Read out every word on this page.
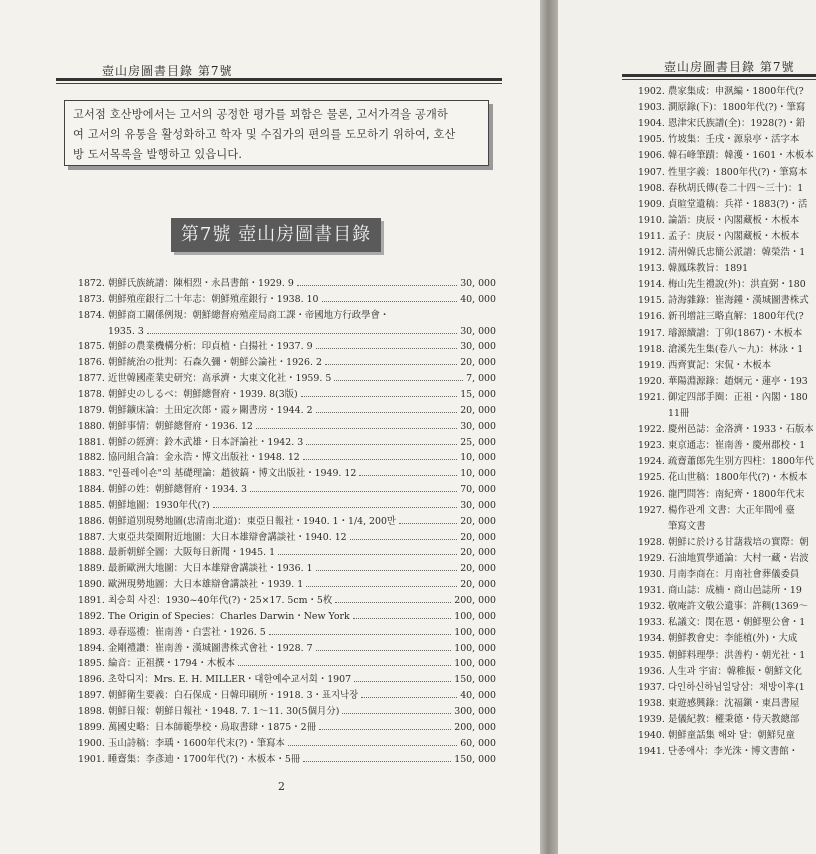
壺山房圖書目錄 第7號
고서점 호산방에서는 고서의 공정한 평가를 꾀함은 물론, 고서가격을 공개하
여 고서의 유통을 활성화하고 학자 및 수집가의 편의를 도모하기 위하여, 호산
방 도서목록을 발행하고 있읍니다.
第7號 壺山房圖書目錄
1872. 朝鮮氏族統譜：陳相烈・永昌書館・1929. 9	30, 000
1873. 朝鮮殖産銀行二十年志：朝鮮殖産銀行・1938. 10	40, 000
1874. 朝鮮商工關係例規：朝鮮總督府殖産局商工課・帝國地方行政學會・
1935. 3	30, 000
1875. 朝鮮の農業機構分析：印貞植・白揚社・1937. 9	30, 000
1876. 朝鮮統治の批判：石森久彌・朝鮮公論社・1926. 2	20, 000
1877. 近世韓國產業史研究：高承濟・大東文化社・1959. 5	7, 000
1878. 朝鮮史のしるべ：朝鮮總督府・1939. 8(3版)	15, 000
1879. 朝鮮鑛床論：土田定次郎・霞ヶ關書房・1944. 2	20, 000
1880. 朝鮮事情：朝鮮總督府・1936. 12	30, 000
1881. 朝鮮の經濟：鈴木武雄・日本評論社・1942. 3	25, 000
1882. 協同組合論：金永浩・博文出版社・1948. 12	10, 000
1883. "인플레이숀"의 基礎理論：趙彼鎬・博文出版社・1949. 12	10, 000
1884. 朝鮮の姓：朝鮮總督府・1934. 3	70, 000
1885. 朝鮮地圖：1930年代(?)	30, 000
1886. 朝鮮道別現勢地圖(忠清南北道)：東亞日報社・1940. 1・1/4, 200만	20, 000
1887. 大東亞共榮圈附近地圖：大日本雄辯會講談社・1940. 12	20, 000
1888. 最新朝鮮全圖：大阪每日新聞・1945. 1	20, 000
1889. 最新歐洲大地圖：大日本雄辯會講談社・1936. 1	20, 000
1890. 歐洲現勢地圖：大日本雄辯會講談社・1939. 1	20, 000
1891. 최승희 사진：1930~40年代(?)・25×17. 5cm・5枚	200, 000
1892. The Origin of Species：Charles Darwin・New York	100, 000
1893. 尋春巡禮：崔南善・白雲社・1926. 5	100, 000
1894. 金剛禮讚：崔南善・漢城圖書株式會社・1928. 7	100, 000
1895. 綸音：正祖撰・1794・木板本	100, 000
1896. 초학디지：Mrs. E. H. MILLER・대한예수교서회・1907	150, 000
1897. 朝鮮衛生要義：白石保成・日韓印刷所・1918. 3・표지낙장	40, 000
1898. 朝鮮日報：朝鮮日報社・1948. 7. 1～11. 30(5個月分)	300, 000
1899. 萬國史略：日本師範學校・鳥取書肆・1875・2冊	200, 000
1900. 玉山詩稿：李瑀・1600年代末(?)・筆寫本	60, 000
1901. 睡齋集：李彥迪・1700年代(?)・木板本・5冊	150, 000
2
壺山房圖書目錄 第7號
1902. 農家集成：申洬編・1800年代(?
1903. 澗原錄(下)：1800年代(?)・筆寫
1904. 恩津宋氏族譜(全)：1928(?)・鉛
1905. 竹坡集：壬戌・源泉亭・活字本
1906. 韓石峰筆蹟：韓濩・1601・木板本
1907. 性里字義：1800年代(?)・筆寫本
1908. 春秋胡氏傳(卷二十四～三十)：1
1909. 貞暄堂遺稿：兵祥・1883(?)・活
1910. 論語：庚辰・內閣藏板・木板本
1911. 孟子：庚辰・內閣藏板・木板本
1912. 淸州韓氏忠簡公派譜：韓榮浩・1
1913. 韓鳳珠教旨：1891
1914. 梅山先生禮說(外)：洪直弼・180
1915. 詩海雜錄：崔海鍾・漢城圖書株式
1916. 新刊增註三略直解：1800年代(?
1917. 璿源續譜：丁卯(1867)・木板本
1918. 滄溪先生集(卷八～九)：林泳・1
1919. 西齊實記：宋侃・木板本
1920. 華陽淵源錄：趙炯元・蓮亭・193
1921. 御定四部手圈：正祖・內閣・180
11冊
1922. 慶州邑誌：金洛濟・1933・石版本
1923. 東京通志：崔南善・慶州郡校・1
1924. 疏齋蕭郎先生別方四柱：1800年代
1925. 花山世稿：1800年代(?)・木板本
1926. 龍門問答：南紀齊・1800年代末
1927. 楊作관계 文書：大正年間에 臺
筆寫文書
1928. 朝鮮に於ける甘藷栽培の實際：朝
1929. 石油地質學通論：大村一藏・岩波
1930. 月南李商在：月南社會葬儀委員
1931. 商山誌：成楠・商山邑誌所・19
1932. 敬庵許文敬公遺事：許稠(1369～
1933. 私議文：閔在恩・朝鮮聖公會・1
1934. 朝鮮教會史：李能植(外)・大成
1935. 朝鮮料理學：洪善杓・朝光社・1
1936. 人生과 宇宙：韓稚振・朝鮮文化
1937. 다인하신하님일당삼：채방이후(1
1938. 東遊感興錄：沈福鎭・東昌書屋
1939. 是儀紀教：權秉德・侍天教總部
1940. 朝鮮童話集 해와 달：朝鮮兒童
1941. 단종애사：李光洙・博文書館・
